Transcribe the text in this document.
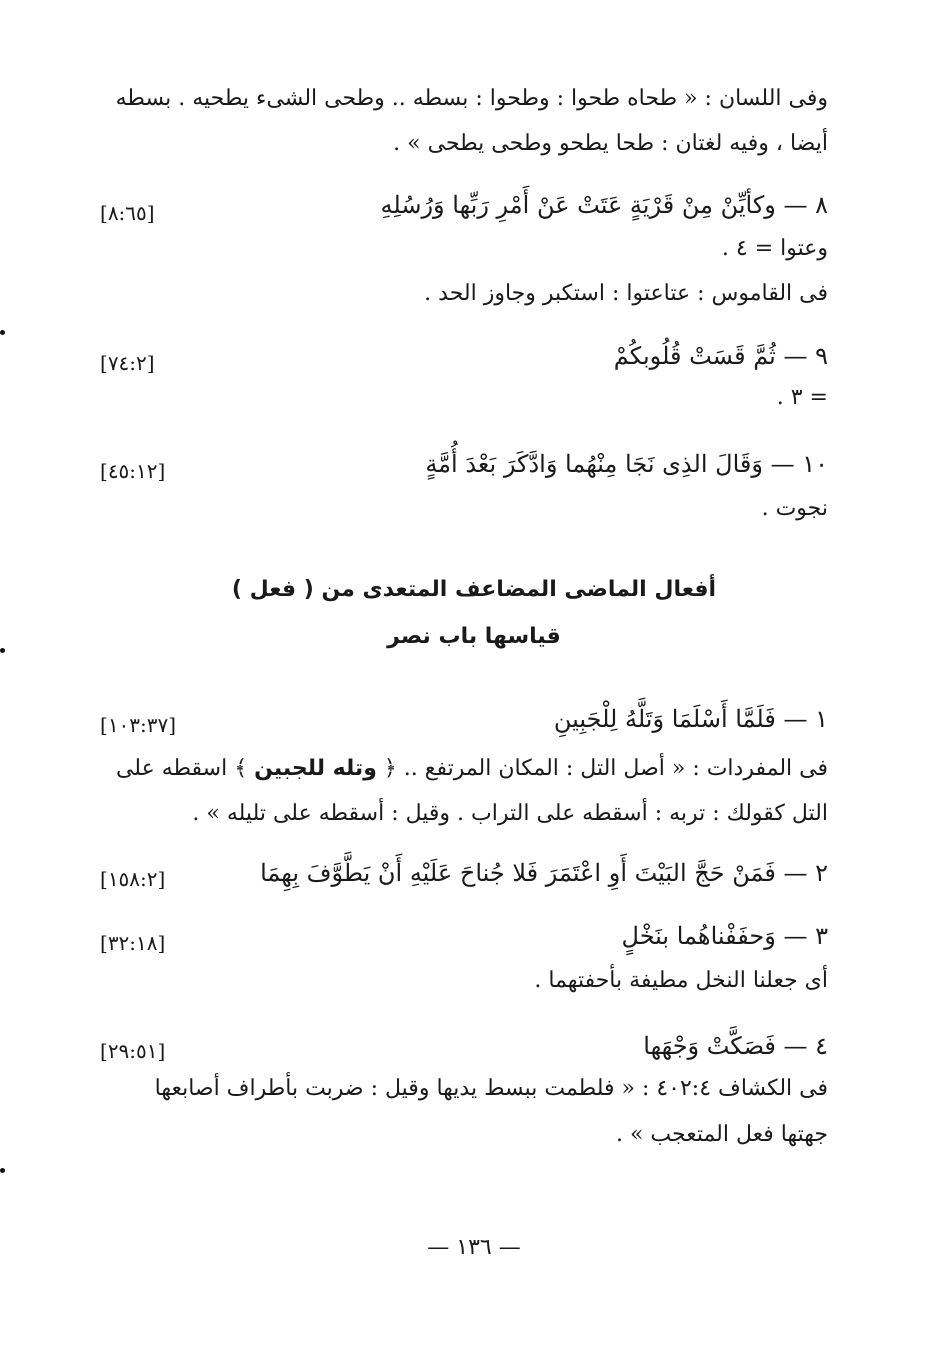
وفى اللسان : « طحاه طحوا : وطحوا : بسطه .. وطحى الشىء يطحيه . بسطه
أيضا ، وفيه لغتان : طحا يطحو وطحى يطحى » .
٨ — وكأيِّنْ مِنْ قَرْيَةٍ عَتَتْ عَنْ أَمْرِ رَبِّها وَرُسُلِهِ
[٨:٦٥]
وعتوا = ٤ .
فى القاموس : عتاعتوا : استكبر وجاوز الحد .
٩ — ثُمَّ قَسَتْ قُلُوبكُمْ
[٧٤:٢]
= ٣ .
١٠ — وَقَالَ الذِى نَجَا مِنْهُما وَادَّكَرَ بَعْدَ أُمَّةٍ
[٤٥:١٢]
نجوت .
أفعال الماضى المضاعف المتعدى من ( فعل )
قياسها باب نصر
١ — فَلَمَّا أَسْلَمَا وَتَلَّهُ لِلْجَبِينِ
[١٠٣:٣٧]
فى المفردات : « أصل التل : المكان المرتفع .. ﴿ وتله للجبين ﴾ اسقطه على
التل كقولك : تربه : أسقطه على التراب . وقيل : أسقطه على تليله » .
٢ — فَمَنْ حَجَّ البَيْتَ أَوِ اعْتَمَرَ فَلا جُناحَ عَلَيْهِ أَنْ يَطَّوَّفَ بِهِمَا
[١٥٨:٢]
٣ — وَحفَفْناهُما بنَخْلٍ
[٣٢:١٨]
أى جعلنا النخل مطيفة بأحفتهما .
٤ — فَصَكَّتْ وَجْهَها
[٢٩:٥١]
فى الكشاف ٤٠٢:٤ : « فلطمت ببسط يديها وقيل : ضربت بأطراف أصابعها
جهتها فعل المتعجب » .
— ١٣٦ —
